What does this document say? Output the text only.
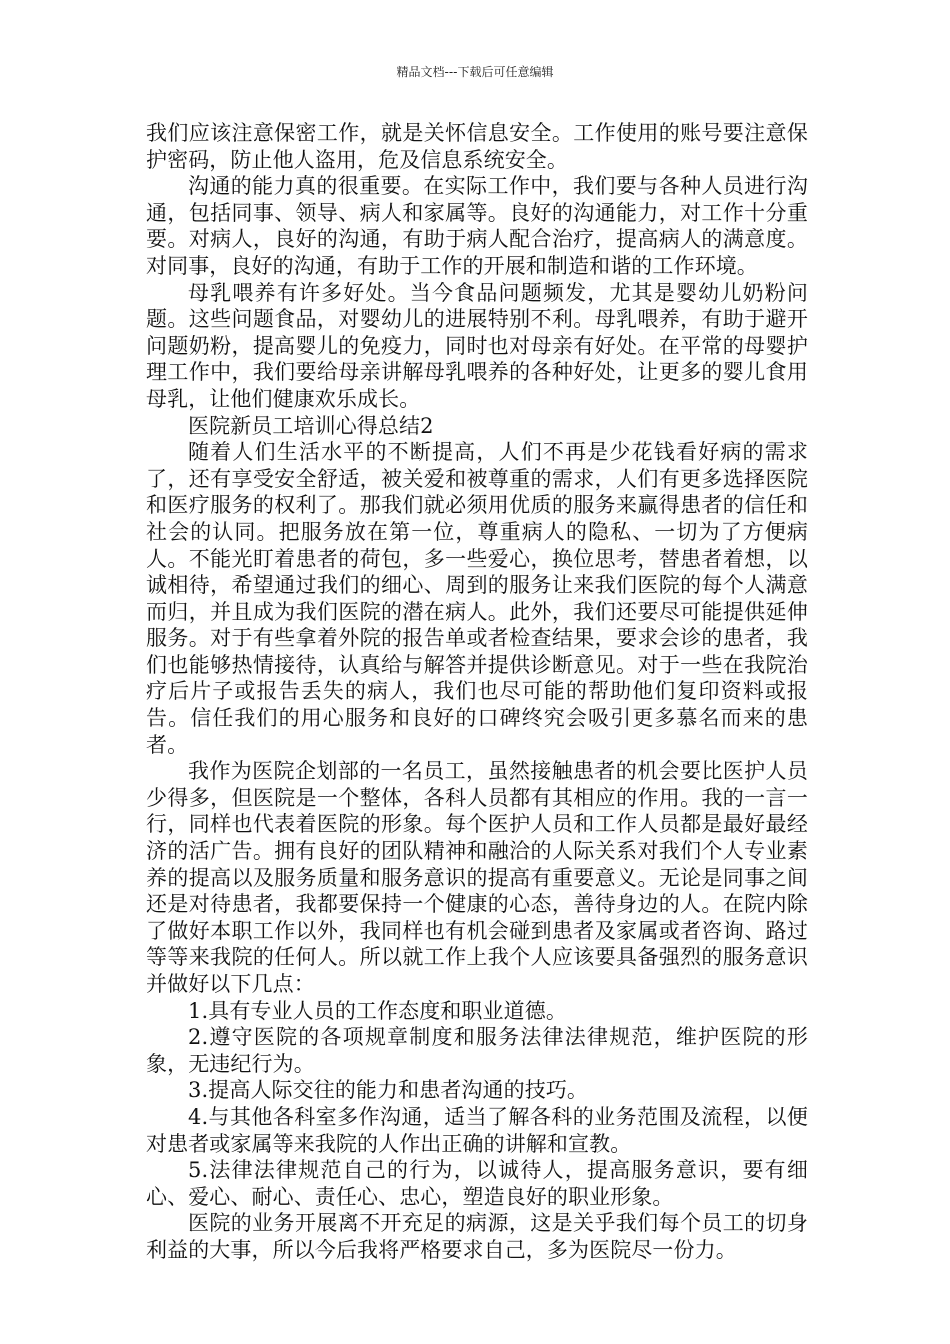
精品文档---下载后可任意编辑

我们应该注意保密工作，就是关怀信息安全。工作使用的账号要注意保护密码，防止他人盗用，危及信息系统安全。

沟通的能力真的很重要。在实际工作中，我们要与各种人员进行沟通，包括同事、领导、病人和家属等。良好的沟通能力，对工作十分重要。对病人，良好的沟通，有助于病人配合治疗，提高病人的满意度。对同事，良好的沟通，有助于工作的开展和制造和谐的工作环境。

母乳喂养有许多好处。当今食品问题频发，尤其是婴幼儿奶粉问题。这些问题食品，对婴幼儿的进展特别不利。母乳喂养，有助于避开问题奶粉，提高婴儿的免疫力，同时也对母亲有好处。在平常的母婴护理工作中，我们要给母亲讲解母乳喂养的各种好处，让更多的婴儿食用母乳，让他们健康欢乐成长。

医院新员工培训心得总结2

随着人们生活水平的不断提高，人们不再是少花钱看好病的需求了，还有享受安全舒适，被关爱和被尊重的需求，人们有更多选择医院和医疗服务的权利了。那我们就必须用优质的服务来赢得患者的信任和社会的认同。把服务放在第一位，尊重病人的隐私、一切为了方便病人。不能光盯着患者的荷包，多一些爱心，换位思考，替患者着想，以诚相待，希望通过我们的细心、周到的服务让来我们医院的每个人满意而归，并且成为我们医院的潜在病人。此外，我们还要尽可能提供延伸服务。对于有些拿着外院的报告单或者检查结果，要求会诊的患者，我们也能够热情接待，认真给与解答并提供诊断意见。对于一些在我院治疗后片子或报告丢失的病人，我们也尽可能的帮助他们复印资料或报告。信任我们的用心服务和良好的口碑终究会吸引更多慕名而来的患者。

我作为医院企划部的一名员工，虽然接触患者的机会要比医护人员少得多，但医院是一个整体，各科人员都有其相应的作用。我的一言一行，同样也代表着医院的形象。每个医护人员和工作人员都是最好最经济的活广告。拥有良好的团队精神和融洽的人际关系对我们个人专业素养的提高以及服务质量和服务意识的提高有重要意义。无论是同事之间还是对待患者，我都要保持一个健康的心态，善待身边的人。在院内除了做好本职工作以外，我同样也有机会碰到患者及家属或者咨询、路过等等来我院的任何人。所以就工作上我个人应该要具备强烈的服务意识并做好以下几点：

1.具有专业人员的工作态度和职业道德。

2.遵守医院的各项规章制度和服务法律法律规范，维护医院的形象，无违纪行为。

3.提高人际交往的能力和患者沟通的技巧。

4.与其他各科室多作沟通，适当了解各科的业务范围及流程，以便对患者或家属等来我院的人作出正确的讲解和宣教。

5.法律法律规范自己的行为，以诚待人，提高服务意识，要有细心、爱心、耐心、责任心、忠心，塑造良好的职业形象。

医院的业务开展离不开充足的病源，这是关乎我们每个员工的切身利益的大事，所以今后我将严格要求自己，多为医院尽一份力。
